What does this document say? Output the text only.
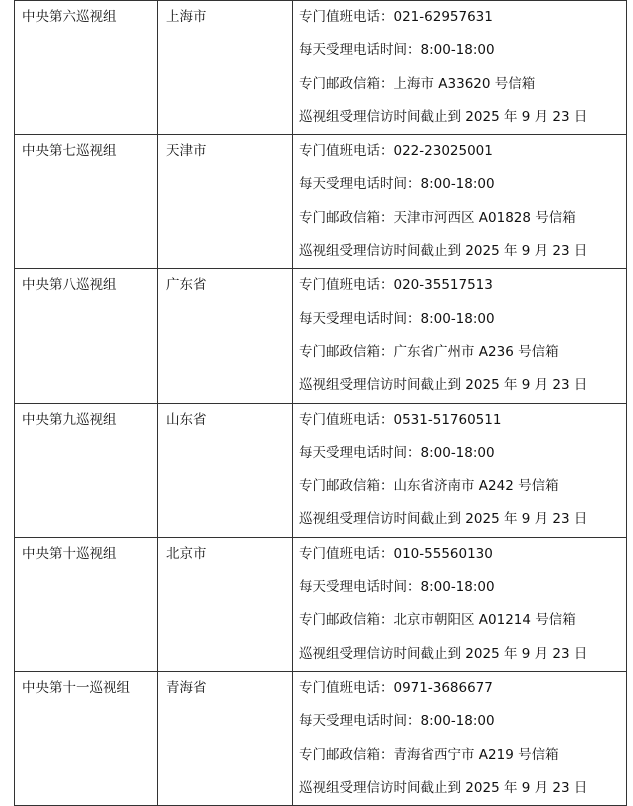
中央第六巡视组	上海市	专门值班电话：021-62957631
每天受理电话时间：8:00-18:00
专门邮政信箱：上海市 A33620 号信箱
巡视组受理信访时间截止到 2025 年 9 月 23 日

中央第七巡视组	天津市	专门值班电话：022-23025001
每天受理电话时间：8:00-18:00
专门邮政信箱：天津市河西区 A01828 号信箱
巡视组受理信访时间截止到 2025 年 9 月 23 日

中央第八巡视组	广东省	专门值班电话：020-35517513
每天受理电话时间：8:00-18:00
专门邮政信箱：广东省广州市 A236 号信箱
巡视组受理信访时间截止到 2025 年 9 月 23 日

中央第九巡视组	山东省	专门值班电话：0531-51760511
每天受理电话时间：8:00-18:00
专门邮政信箱：山东省济南市 A242 号信箱
巡视组受理信访时间截止到 2025 年 9 月 23 日

中央第十巡视组	北京市	专门值班电话：010-55560130
每天受理电话时间：8:00-18:00
专门邮政信箱：北京市朝阳区 A01214 号信箱
巡视组受理信访时间截止到 2025 年 9 月 23 日

中央第十一巡视组	青海省	专门值班电话：0971-3686677
每天受理电话时间：8:00-18:00
专门邮政信箱：青海省西宁市 A219 号信箱
巡视组受理信访时间截止到 2025 年 9 月 23 日
